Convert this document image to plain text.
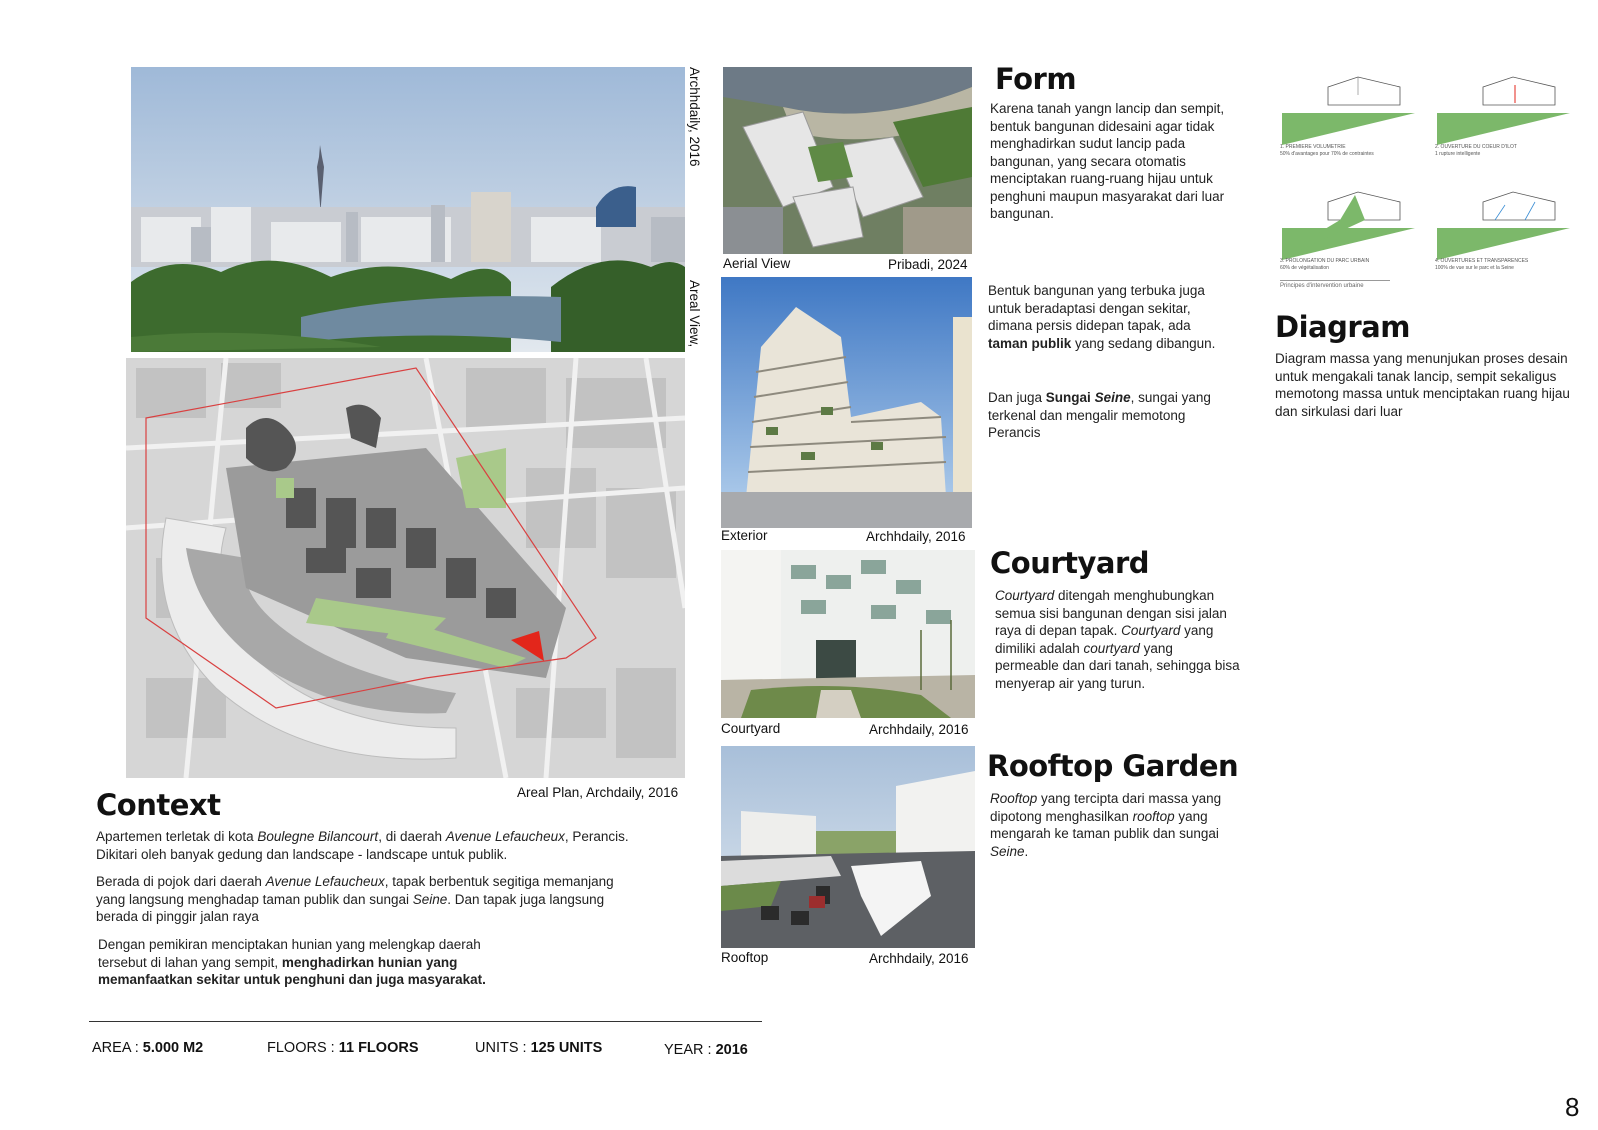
Archhdaily, 2016
Areal View,
Areal Plan, Archdaily, 2016
Context

Apartemen terletak di kota Boulegne Bilancourt, di daerah Avenue Lefaucheux, Perancis. Dikitari oleh banyak gedung dan landscape - landscape untuk publik.

Berada di pojok dari daerah Avenue Lefaucheux, tapak berbentuk segitiga memanjang yang langsung menghadap taman publik dan sungai Seine. Dan tapak juga langsung berada di pinggir jalan raya

Dengan pemikiran menciptakan hunian yang melengkap daerah tersebut di lahan yang sempit, menghadirkan hunian yang memanfaatkan sekitar untuk penghuni dan juga masyarakat.

AREA : 5.000 M2	FLOORS : 11 FLOORS	UNITS : 125 UNITS	YEAR : 2016
Aerial View	Pribadi, 2024
Exterior	Archhdaily, 2016
Courtyard	Archhdaily, 2016
Rooftop	Archhdaily, 2016
Form
Karena tanah yangn lancip dan sempit, bentuk bangunan didesaini agar tidak menghadirkan sudut lancip pada bangunan, yang secara otomatis menciptakan ruang-ruang hijau untuk penghuni maupun masyarakat dari luar bangunan.
Bentuk bangunan yang terbuka juga untuk beradaptasi dengan sekitar, dimana persis didepan tapak, ada taman publik yang sedang dibangun.
Dan juga Sungai Seine, sungai yang terkenal dan mengalir memotong Perancis
Courtyard
Courtyard ditengah menghubungkan semua sisi bangunan dengan sisi jalan raya di depan tapak. Courtyard yang dimiliki adalah courtyard yang permeable dan dari tanah, sehingga bisa menyerap air yang turun.
Rooftop Garden
Rooftop yang tercipta dari massa yang dipotong menghasilkan rooftop yang mengarah ke taman publik dan sungai Seine.
1. PREMIERE VOLUMETRIE
50% d'avantages pour 70% de contraintes
2. OUVERTURE DU COEUR D'ILOT
1 rupture intelligente
3. PROLONGATION DU PARC URBAIN
60% de végétalisation
4. OUVERTURES ET TRANSPARENCES
100% de vue sur le parc et la Seine
Principes d'intervention urbaine
Diagram
Diagram massa yang menunjukan proses desain untuk mengakali tanak lancip, sempit sekaligus memotong massa untuk menciptakan ruang hijau dan sirkulasi dari luar
8
